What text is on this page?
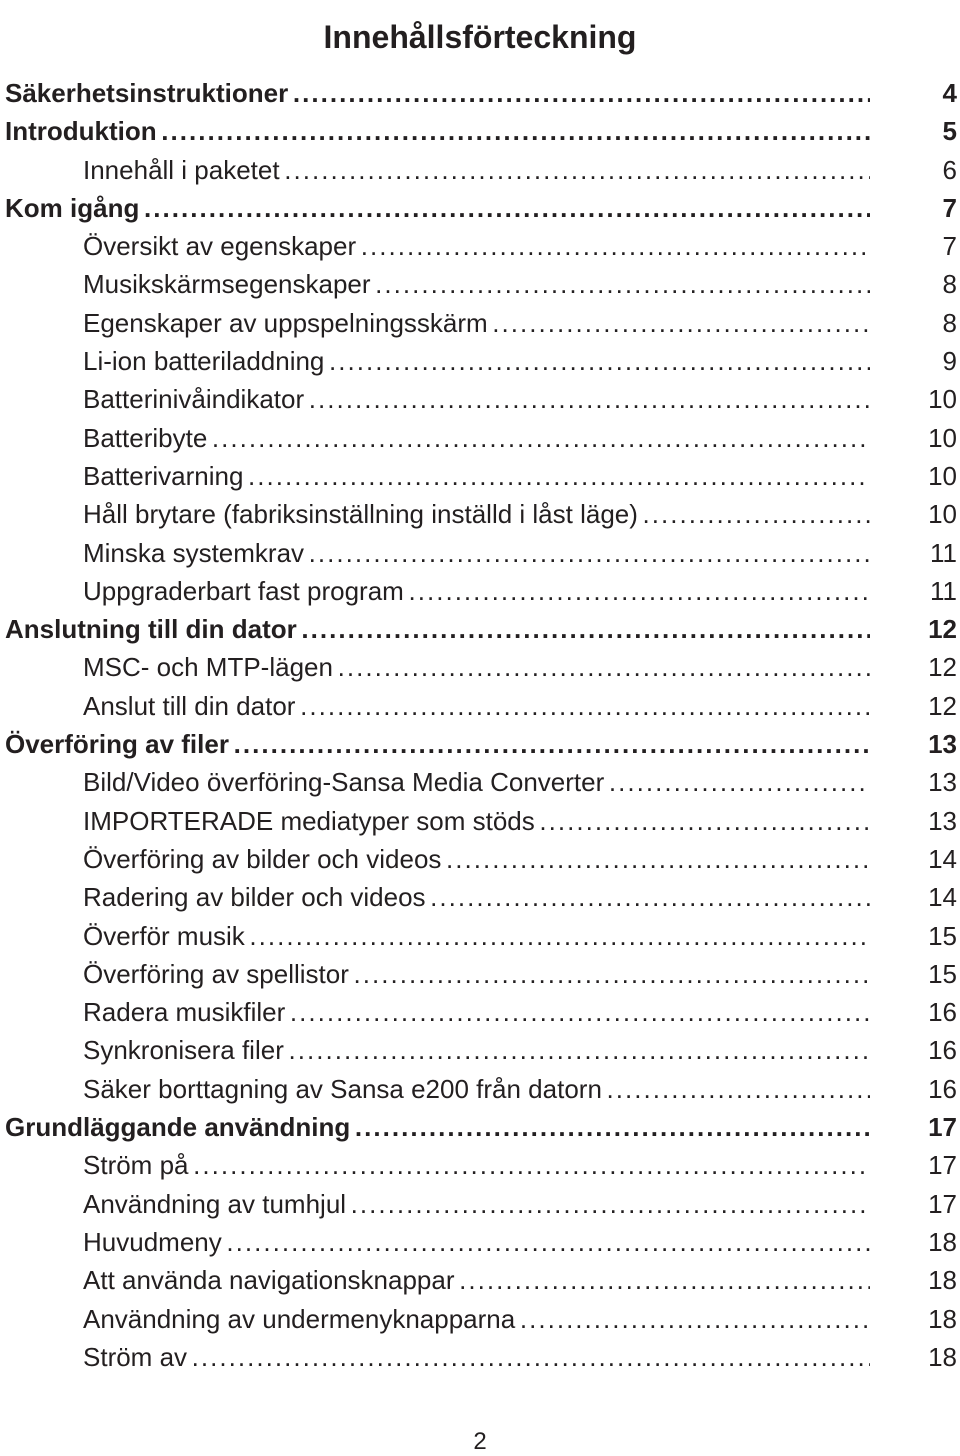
Innehållsförteckning
Säkerhetsinstruktioner . . .	4
Introduktion . . .	5
Innehåll i paketet . . .	6
Kom igång . . .	7
Översikt av egenskaper . . .	7
Musikskärmsegenskaper . . .	8
Egenskaper av uppspelningsskärm . . .	8
Li-ion batteriladdning . . .	9
Batterinivåindikator . . .	10
Batteribyte . . .	10
Batterivarning . . .	10
Håll brytare (fabriksinställning inställd i låst läge) . . .	10
Minska systemkrav . . .	11
Uppgraderbart fast program . . .	11
Anslutning till din dator . . .	12
MSC- och MTP-lägen . . .	12
Anslut till din dator . . .	12
Överföring av filer . . .	13
Bild/Video överföring-Sansa Media Converter . . .	13
IMPORTERADE mediatyper som stöds . . .	13
Överföring av bilder och videos . . .	14
Radering av bilder och videos . . .	14
Överför musik . . .	15
Överföring av spellistor . . .	15
Radera musikfiler . . .	16
Synkronisera filer . . .	16
Säker borttagning av Sansa e200 från datorn . . .	16
Grundläggande användning . . .	17
Ström på . . .	17
Användning av tumhjul . . .	17
Huvudmeny . . .	18
Att använda navigationsknappar . . .	18
Användning av undermenyknapparna . . .	18
Ström av . . .	18
2
